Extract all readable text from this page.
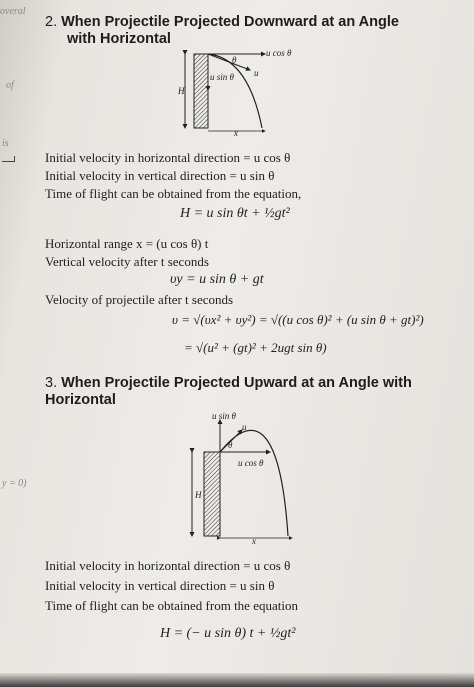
overal
of
is
y = 0)
2. When Projectile Projected Downward at an Angle
with Horizontal
u cos θ
u
u sin θ
θ
H
x
Initial velocity in horizontal direction = u cos θ
Initial velocity in vertical direction = u sin θ
Time of flight can be obtained from the equation,
H = u sin θt + ½gt²
Horizontal range x = (u cos θ) t
Vertical velocity after t seconds
υy = u sin θ + gt
Velocity of projectile after t seconds
υ = √(υx² + υy²) = √((u cos θ)² + (u sin θ + gt)²)
= √(u² + (gt)² + 2ugt sin θ)
3. When Projectile Projected Upward at an Angle with
Horizontal
u sin θ
u
θ
u cos θ
H
x
Initial velocity in horizontal direction = u cos θ
Initial velocity in vertical direction = u sin θ
Time of flight can be obtained from the equation
H = (− u sin θ) t + ½gt²
